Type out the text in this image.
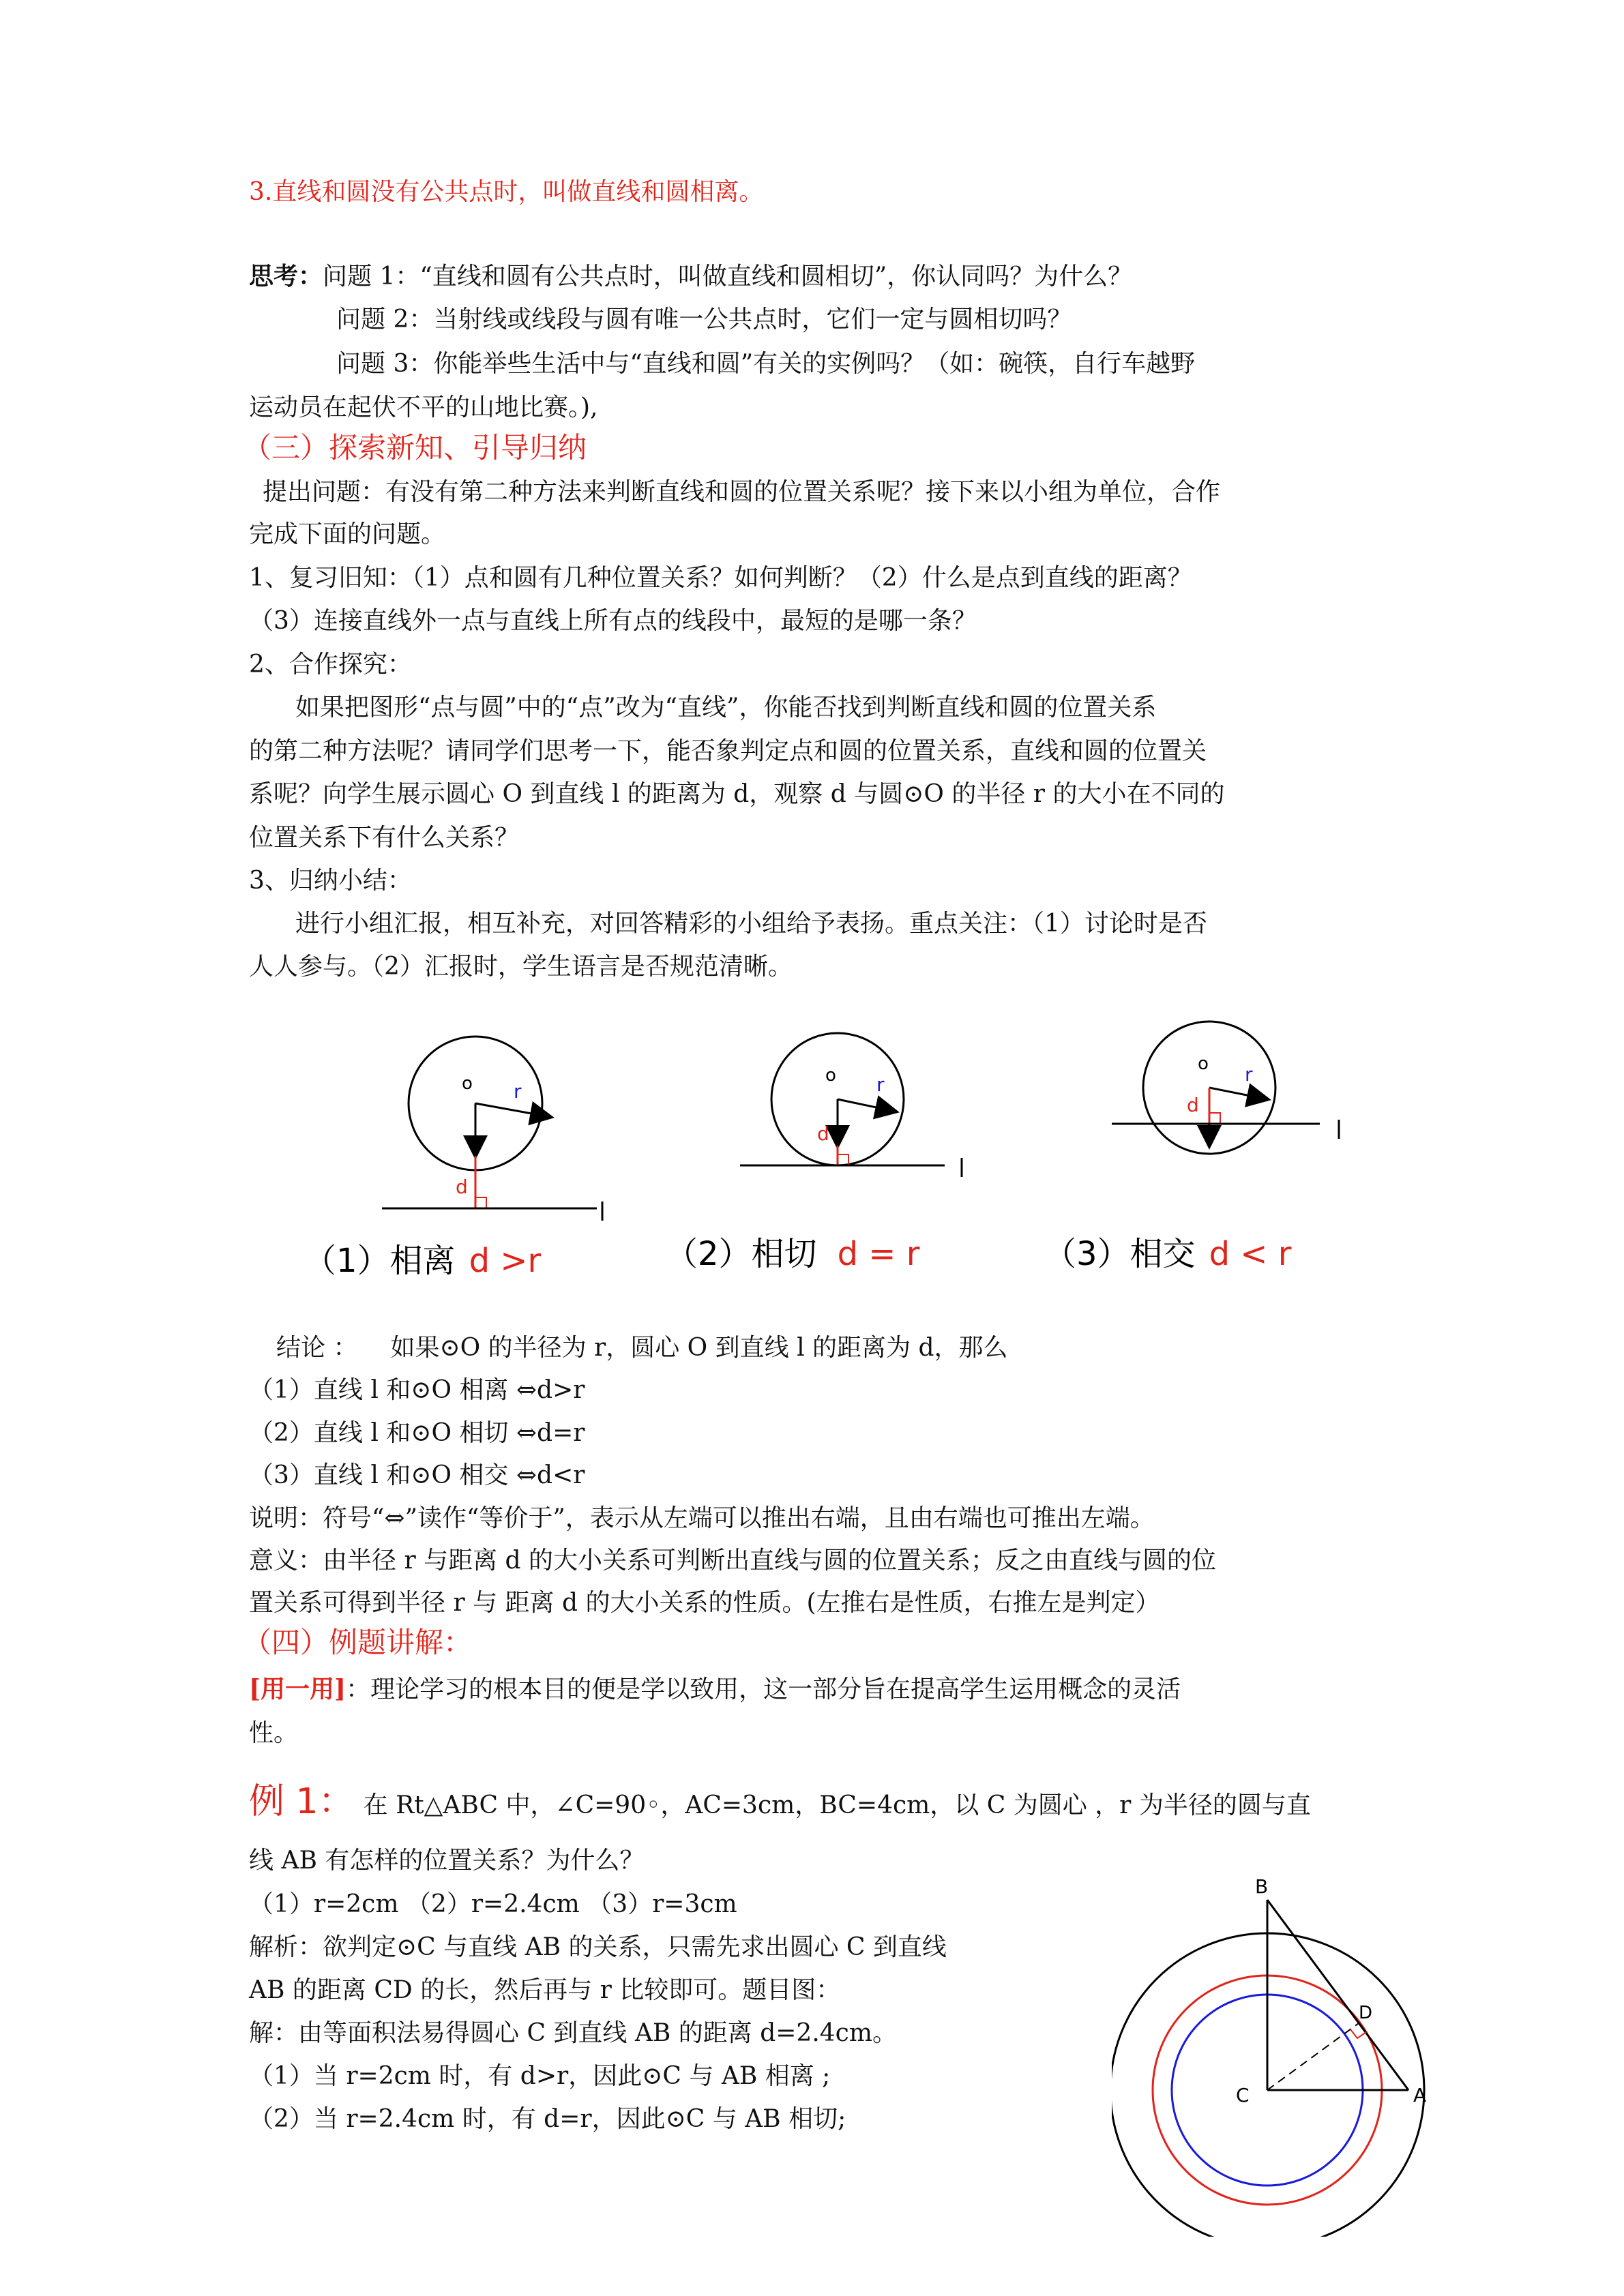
3.直线和圆没有公共点时，叫做直线和圆相离。
思考：问题 1：“直线和圆有公共点时，叫做直线和圆相切”，你认同吗？为什么？
问题 2：当射线或线段与圆有唯一公共点时，它们一定与圆相切吗？
问题 3：你能举些生活中与“直线和圆”有关的实例吗？（如：碗筷，自行车越野
运动员在起伏不平的山地比赛。),
（三）探索新知、引导归纳
提出问题：有没有第二种方法来判断直线和圆的位置关系呢？接下来以小组为单位，合作
完成下面的问题。
1、复习旧知：（1）点和圆有几种位置关系？如何判断？（2）什么是点到直线的距离？
（3）连接直线外一点与直线上所有点的线段中，最短的是哪一条？
2、合作探究：
如果把图形“点与圆”中的“点”改为“直线”，你能否找到判断直线和圆的位置关系
的第二种方法呢？请同学们思考一下，能否象判定点和圆的位置关系，直线和圆的位置关
系呢？向学生展示圆心 O 到直线 l 的距离为 d，观察 d 与圆⊙O 的半径 r 的大小在不同的
位置关系下有什么关系？
3、归纳小结：
进行小组汇报，相互补充，对回答精彩的小组给予表扬。重点关注：（1）讨论时是否
人人参与。（2）汇报时，学生语言是否规范清晰。
o r
d
（1）相离 d >r
o r
d
（2）相切 d = r
o r
d
（3）相交 d < r
结论 ： 如果⊙O 的半径为 r，圆心 O 到直线 l 的距离为 d，那么
（1）直线 l 和⊙O 相离 ⇔d>r
（2）直线 l 和⊙O 相切 ⇔d=r
（3）直线 l 和⊙O 相交 ⇔d<r
说明：符号“⇔”读作“等价于”，表示从左端可以推出右端，且由右端也可推出左端。
意义：由半径 r 与距离 d 的大小关系可判断出直线与圆的位置关系；反之由直线与圆的位
置关系可得到半径 r 与 距离 d 的大小关系的性质。(左推右是性质，右推左是判定）
（四）例题讲解：
[用一用]：理论学习的根本目的便是学以致用，这一部分旨在提高学生运用概念的灵活
性。
例 1： 在 Rt△ABC 中，∠C=90◦，AC=3cm，BC=4cm，以 C 为圆心 ，r 为半径的圆与直
线 AB 有怎样的位置关系？为什么？
（1）r=2cm （2）r=2.4cm （3）r=3cm
解析：欲判定⊙C 与直线 AB 的关系，只需先求出圆心 C 到直线
AB 的距离 CD 的长，然后再与 r 比较即可。题目图：
解：由等面积法易得圆心 C 到直线 AB 的距离 d=2.4cm。
（1）当 r=2cm 时，有 d>r，因此⊙C 与 AB 相离 ;
（2）当 r=2.4cm 时，有 d=r，因此⊙C 与 AB 相切;
B
C	A
D
